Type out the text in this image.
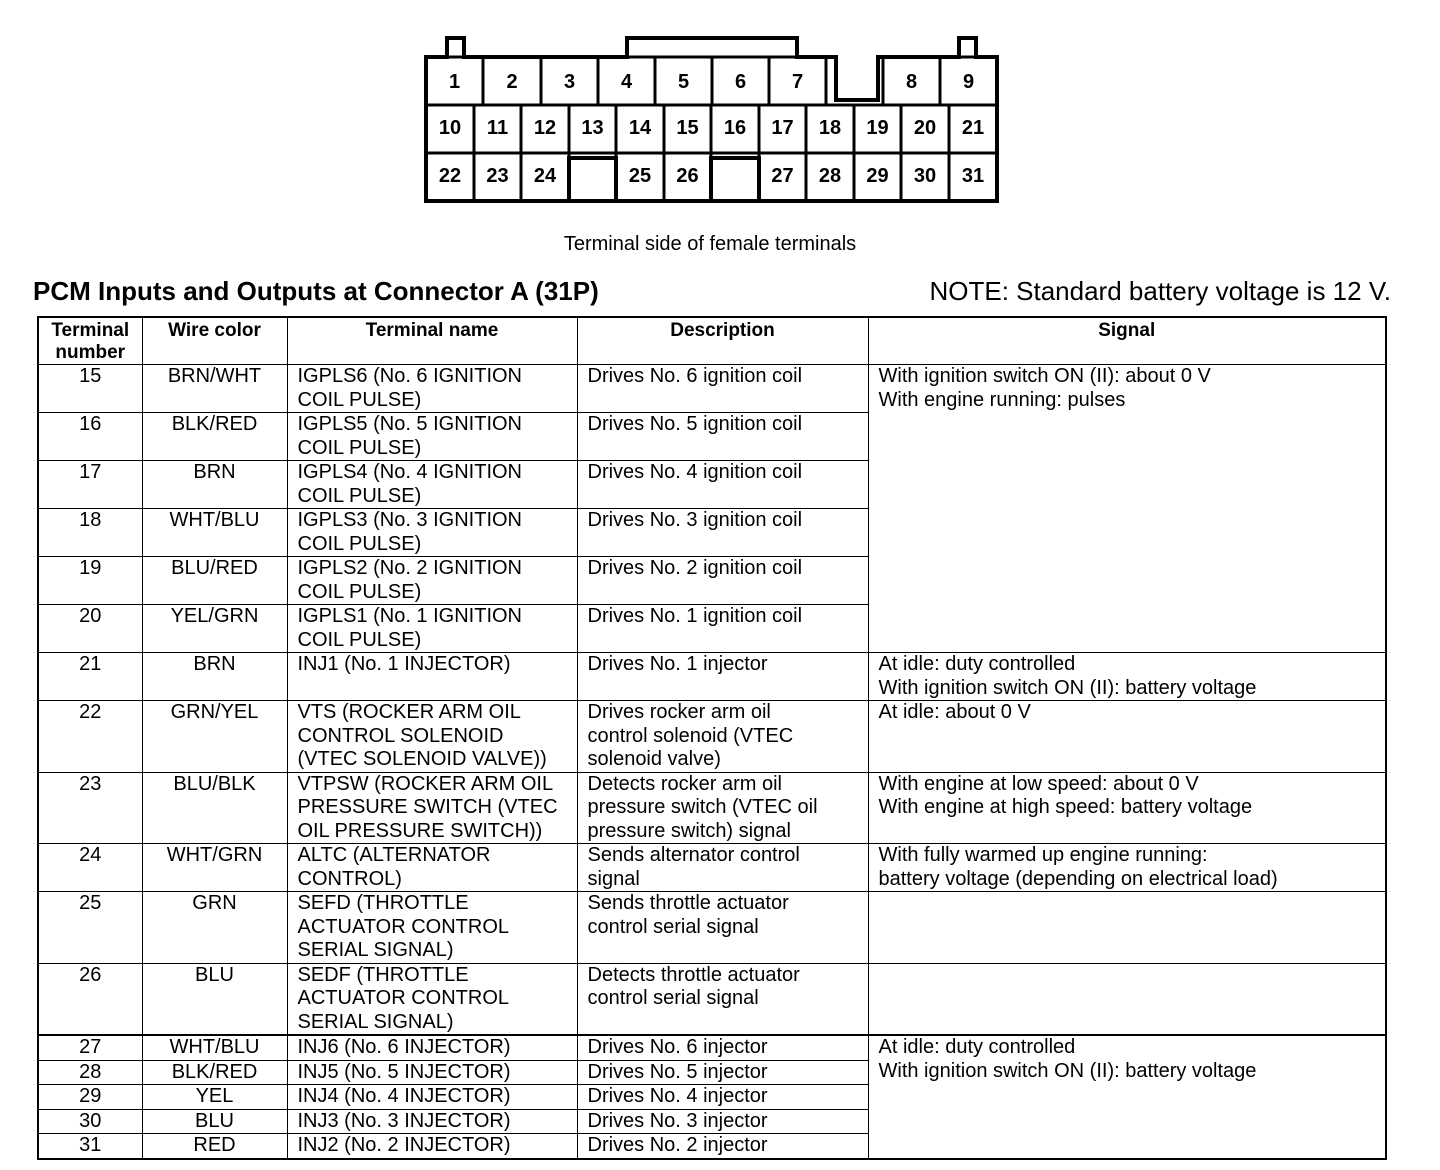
1 2 3 4 5 6 7	8 9
10 11 12 13 14 15 16 17 18 19 20 21
22 23 24	25 26	27 28 29 30 31
Terminal side of female terminals
PCM Inputs and Outputs at Connector A (31P)	NOTE: Standard battery voltage is 12 V.
Terminal
number	Wire color	Terminal name	Description	Signal

15	BRN/WHT	IGPLS6 (No. 6 IGNITION
COIL PULSE)	Drives No. 6 ignition coil	With ignition switch ON (II): about 0 V
With engine running: pulses

16	BLK/RED	IGPLS5 (No. 5 IGNITION
COIL PULSE)	Drives No. 5 ignition coil	

17	BRN	IGPLS4 (No. 4 IGNITION
COIL PULSE)	Drives No. 4 ignition coil	

18	WHT/BLU	IGPLS3 (No. 3 IGNITION
COIL PULSE)	Drives No. 3 ignition coil	

19	BLU/RED	IGPLS2 (No. 2 IGNITION
COIL PULSE)	Drives No. 2 ignition coil	

20	YEL/GRN	IGPLS1 (No. 1 IGNITION
COIL PULSE)	Drives No. 1 ignition coil	

21	BRN	INJ1 (No. 1 INJECTOR)	Drives No. 1 injector	At idle: duty controlled
With ignition switch ON (II): battery voltage

22	GRN/YEL	VTS (ROCKER ARM OIL
CONTROL SOLENOID
(VTEC SOLENOID VALVE))	Drives rocker arm oil
control solenoid (VTEC
solenoid valve)	At idle: about 0 V

23	BLU/BLK	VTPSW (ROCKER ARM OIL
PRESSURE SWITCH (VTEC
OIL PRESSURE SWITCH))	Detects rocker arm oil
pressure switch (VTEC oil
pressure switch) signal	With engine at low speed: about 0 V
With engine at high speed: battery voltage

24	WHT/GRN	ALTC (ALTERNATOR
CONTROL)	Sends alternator control
signal	With fully warmed up engine running:
battery voltage (depending on electrical load)

25	GRN	SEFD (THROTTLE
ACTUATOR CONTROL
SERIAL SIGNAL)	Sends throttle actuator
control serial signal	

26	BLU	SEDF (THROTTLE
ACTUATOR CONTROL
SERIAL SIGNAL)	Detects throttle actuator
control serial signal	

27	WHT/BLU	INJ6 (No. 6 INJECTOR)	Drives No. 6 injector	At idle: duty controlled
With ignition switch ON (II): battery voltage

28	BLK/RED	INJ5 (No. 5 INJECTOR)	Drives No. 5 injector	

29	YEL	INJ4 (No. 4 INJECTOR)	Drives No. 4 injector	

30	BLU	INJ3 (No. 3 INJECTOR)	Drives No. 3 injector	

31	RED	INJ2 (No. 2 INJECTOR)	Drives No. 2 injector	
